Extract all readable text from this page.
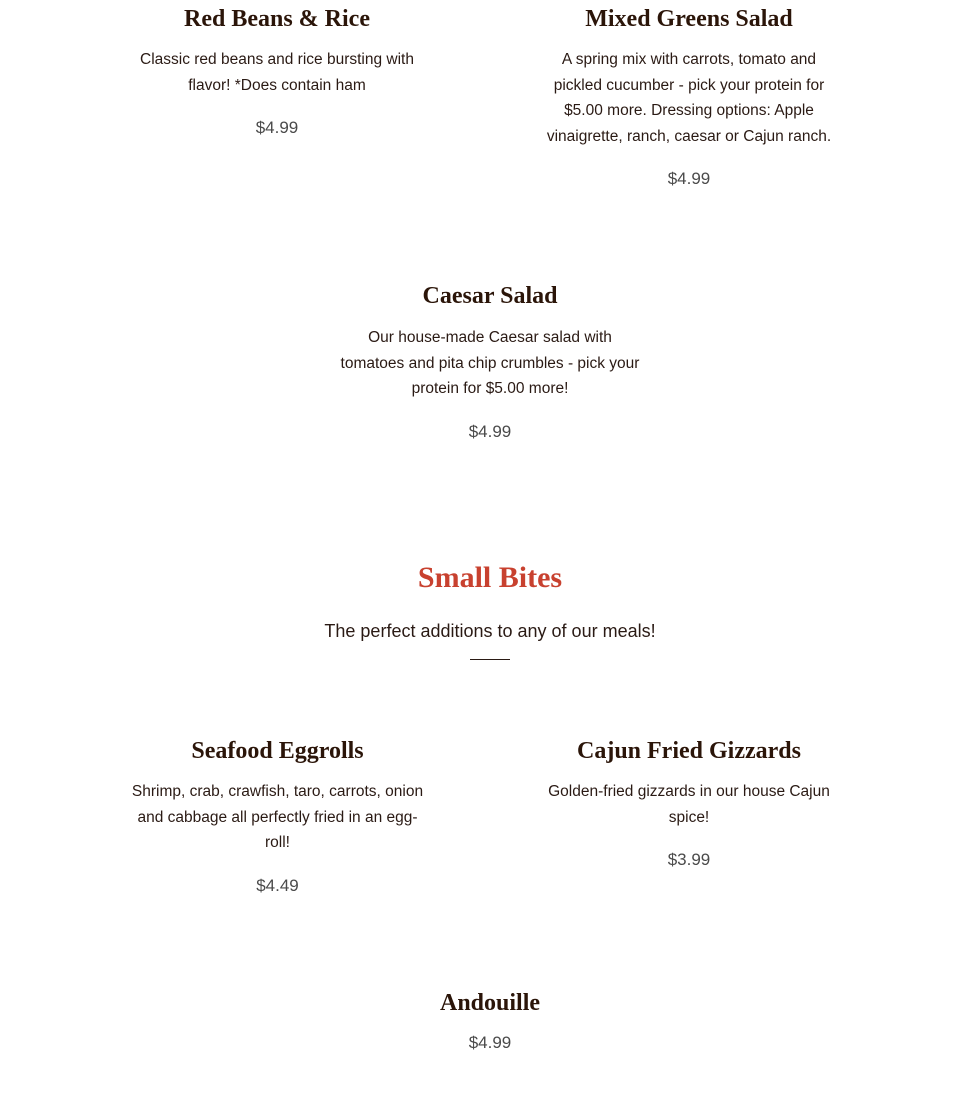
Red Beans & Rice

Classic red beans and rice bursting with flavor! *Does contain ham

$4.99

Mixed Greens Salad

A spring mix with carrots, tomato and pickled cucumber - pick your protein for $5.00 more. Dressing options: Apple vinaigrette, ranch, caesar or Cajun ranch.

$4.99

Caesar Salad

Our house-made Caesar salad with tomatoes and pita chip crumbles - pick your protein for $5.00 more!

$4.99

Small Bites

The perfect additions to any of our meals!

Seafood Eggrolls

Shrimp, crab, crawfish, taro, carrots, onion and cabbage all perfectly fried in an egg-roll!

$4.49

Cajun Fried Gizzards

Golden-fried gizzards in our house Cajun spice!

$3.99

Andouille

$4.99
